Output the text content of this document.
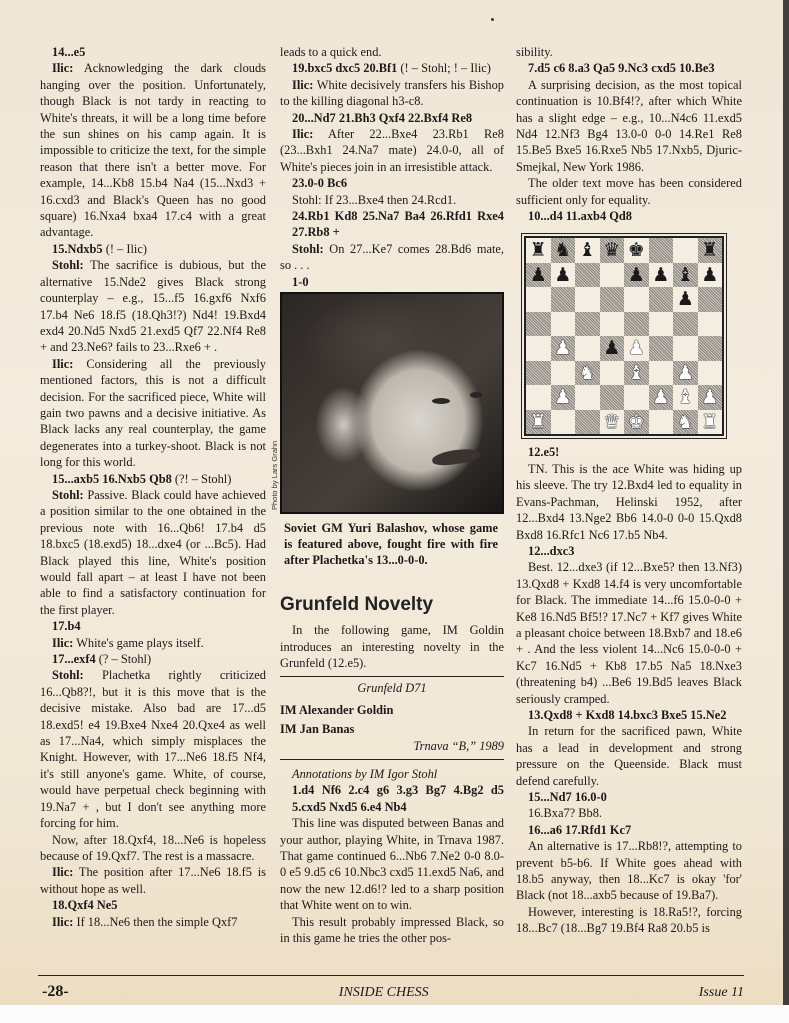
14...e5

Ilic: Acknowledging the dark clouds hanging over the position. Unfortunately, though Black is not tardy in reacting to White's threats, it will be a long time before the sun shines on his camp again. It is impossible to criticize the text, for the simple reason that there isn't a better move. For example, 14...Kb8 15.b4 Na4 (15...Nxd3 + 16.cxd3 and Black's Queen has no good square) 16.Nxa4 bxa4 17.c4 with a great advantage.

15.Ndxb5 (! – Ilic)

Stohl: The sacrifice is dubious, but the alternative 15.Nde2 gives Black strong counterplay – e.g., 15...f5 16.gxf6 Nxf6 17.b4 Ne6 18.f5 (18.Qh3!?) Nd4! 19.Bxd4 exd4 20.Nd5 Nxd5 21.exd5 Qf7 22.Nf4 Re8 + and 23.Ne6? fails to 23...Rxe6 + .

Ilic: Considering all the previously mentioned factors, this is not a difficult decision. For the sacrificed piece, White will gain two pawns and a decisive initiative. As Black lacks any real counterplay, the game degenerates into a turkey-shoot. Black is not long for this world.

15...axb5 16.Nxb5 Qb8 (?! – Stohl)

Stohl: Passive. Black could have achieved a position similar to the one obtained in the previous note with 16...Qb6! 17.b4 d5 18.bxc5 (18.exd5) 18...dxe4 (or ...Bc5). Had Black played this line, White's position would fall apart – at least I have not been able to find a satisfactory continuation for the first player.

17.b4

Ilic: White's game plays itself.

17...exf4 (? – Stohl)

Stohl: Plachetka rightly criticized 16...Qb8?!, but it is this move that is the decisive mistake. Also bad are 17...d5 18.exd5! e4 19.Bxe4 Nxe4 20.Qxe4 as well as 17...Na4, which simply misplaces the Knight. However, with 17...Ne6 18.f5 Nf4, it's still anyone's game. White, of course, would have perpetual check beginning with 19.Na7 + , but I don't see anything more forcing for him.

Now, after 18.Qxf4, 18...Ne6 is hopeless because of 19.Qxf7. The rest is a massacre.

Ilic: The position after 17...Ne6 18.f5 is without hope as well.

18.Qxf4 Ne5

Ilic: If 18...Ne6 then the simple Qxf7

leads to a quick end.

19.bxc5 dxc5 20.Bf1 (! – Stohl; ! – Ilic)

Ilic: White decisively transfers his Bishop to the killing diagonal h3-c8.

20...Nd7 21.Bh3 Qxf4 22.Bxf4 Re8

Ilic: After 22...Bxe4 23.Rb1 Re8 (23...Bxh1 24.Na7 mate) 24.0-0, all of White's pieces join in an irresistible attack.

23.0-0 Bc6

Stohl: If 23...Bxe4 then 24.Rcd1.

24.Rb1 Kd8 25.Na7 Ba4 26.Rfd1 Rxe4 27.Rb8 +

Stohl: On 27...Ke7 comes 28.Bd6 mate, so . . .

1-0

Photo by Lars Grahn
Soviet GM Yuri Balashov, whose game is featured above, fought fire with fire after Plachetka's 13...0-0-0.
Grunfeld Novelty

In the following game, IM Goldin introduces an interesting novelty in the Grunfeld (12.e5).

Grunfeld D71
IM Alexander Goldin
IM Jan Banas
Trnava “B,” 1989

Annotations by IM Igor Stohl

1.d4 Nf6 2.c4 g6 3.g3 Bg7 4.Bg2 d5 5.cxd5 Nxd5 6.e4 Nb4

This line was disputed between Banas and your author, playing White, in Trnava 1987. That game continued 6...Nb6 7.Ne2 0-0 8.0-0 e5 9.d5 c6 10.Nbc3 cxd5 11.exd5 Na6, and now the new 12.d6!? led to a sharp position that White went on to win.

This result probably impressed Black, so in this game he tries the other pos-

sibility.

7.d5 c6 8.a3 Qa5 9.Nc3 cxd5 10.Be3

A surprising decision, as the most topical continuation is 10.Bf4!?, after which White has a slight edge – e.g., 10...N4c6 11.exd5 Nd4 12.Nf3 Bg4 13.0-0 0-0 14.Re1 Re8 15.Be5 Bxe5 16.Rxe5 Nb5 17.Nxb5, Djuric-Smejkal, New York 1986.

The older text move has been considered sufficient only for equality.

10...d4 11.axb4 Qd8

♜ ♞ ♝ ♛ ♚	♜
♟ ♟	♟ ♟ ♝ ♟
♟
♟ ♟ ♟
♞ ♝ ♟
♟	♟ ♝ ♟
♜	♛ ♚ ♞ ♜

12.e5!

TN. This is the ace White was hiding up his sleeve. The try 12.Bxd4 led to equality in Evans-Pachman, Helinski 1952, after 12...Bxd4 13.Nge2 Bb6 14.0-0 0-0 15.Qxd8 Bxd8 16.Rfc1 Nc6 17.b5 Nb4.

12...dxc3

Best. 12...dxe3 (if 12...Bxe5? then 13.Nf3) 13.Qxd8 + Kxd8 14.f4 is very uncomfortable for Black. The immediate 14...f6 15.0-0-0 + Ke8 16.Nd5 Bf5!? 17.Nc7 + Kf7 gives White a pleasant choice between 18.Bxb7 and 18.e6 + . And the less violent 14...Nc6 15.0-0-0 + Kc7 16.Nd5 + Kb8 17.b5 Na5 18.Nxe3 (threatening b4) ...Be6 19.Bd5 leaves Black seriously cramped.

13.Qxd8 + Kxd8 14.bxc3 Bxe5 15.Ne2

In return for the sacrificed pawn, White has a lead in development and strong pressure on the Queenside. Black must defend carefully.

15...Nd7 16.0-0

16.Bxa7? Bb8.

16...a6 17.Rfd1 Kc7

An alternative is 17...Rb8!?, attempting to prevent b5-b6. If White goes ahead with 18.b5 anyway, then 18...Kc7 is okay 'for' Black (not 18...axb5 because of 19.Ba7).

However, interesting is 18.Ra5!?, forcing 18...Bc7 (18...Bg7 19.Bf4 Ra8 20.b5 is

-28-	INSIDE CHESS	Issue 11
